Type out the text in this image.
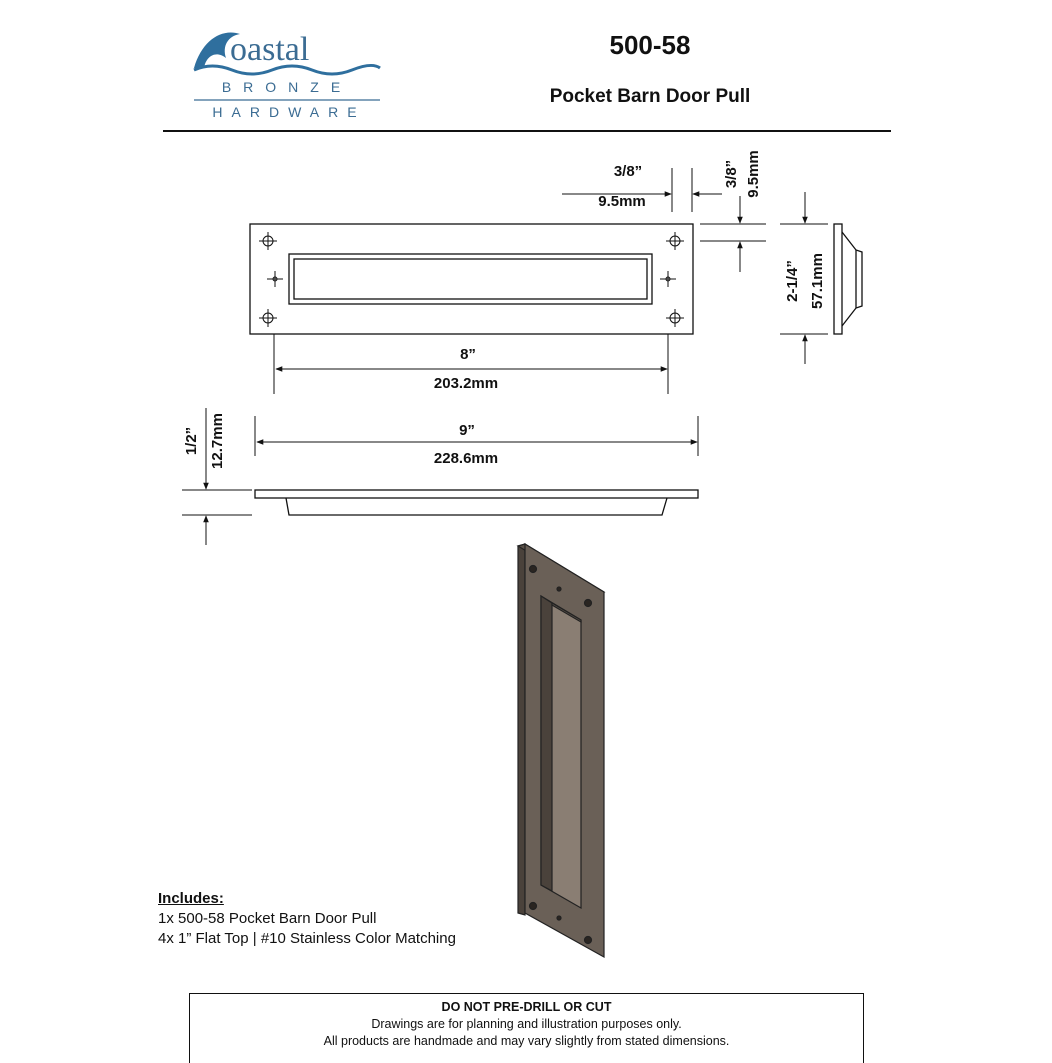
oastal
BRONZE
HARDWARE
500-58
Pocket Barn Door Pull
3/8”
9.5mm
3/8” 9.5mm
2-1/4” 57.1mm
8”
203.2mm
9”
228.6mm
1/2” 12.7mm
Includes:
1x 500-58 Pocket Barn Door Pull
4x 1” Flat Top | #10 Stainless Color Matching
DO NOT PRE-DRILL OR CUT
Drawings are for planning and illustration purposes only.
All products are handmade and may vary slightly from stated dimensions.
